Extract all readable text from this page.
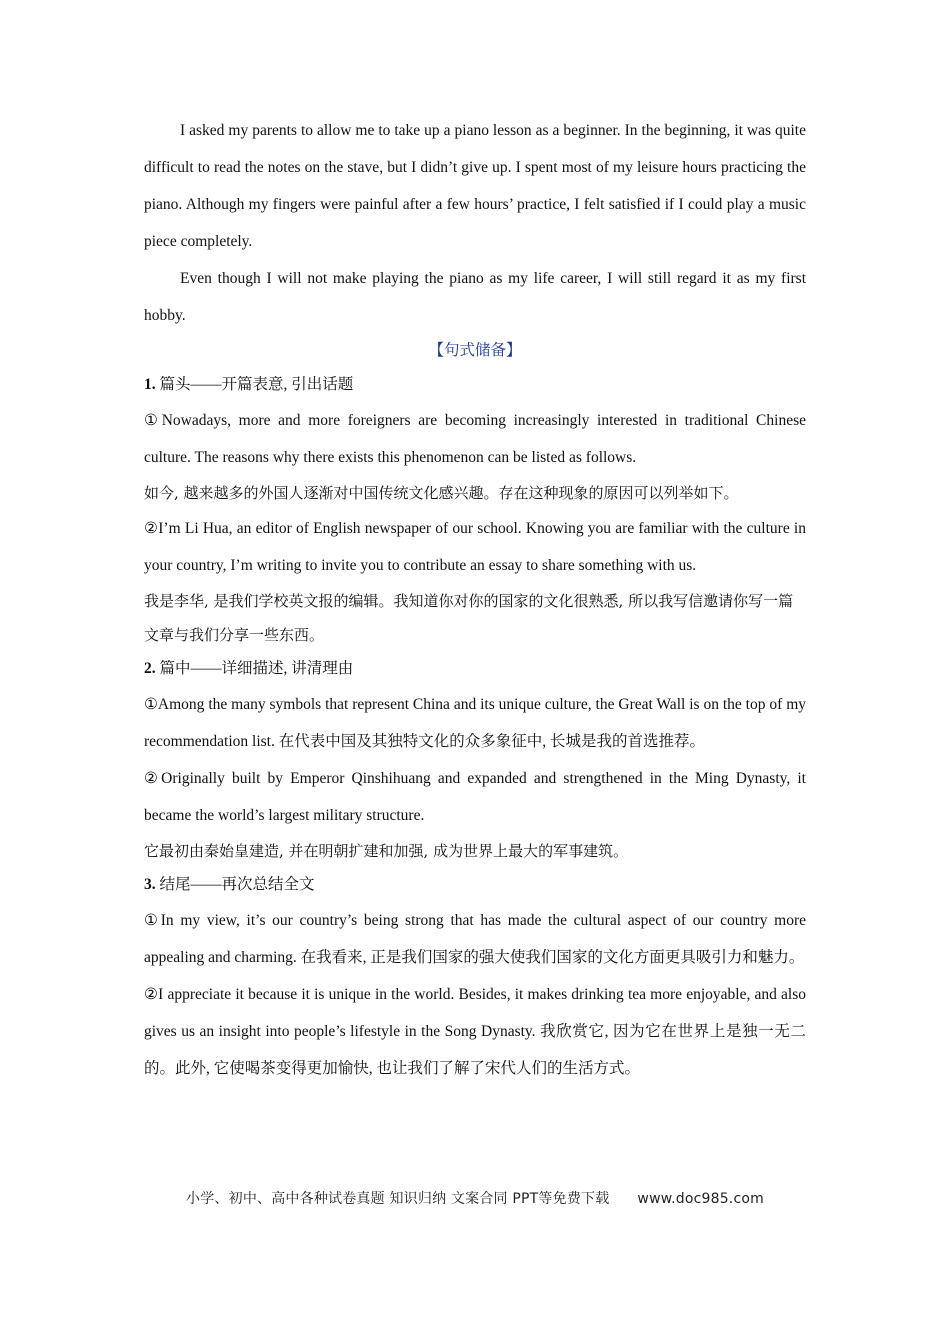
I asked my parents to allow me to take up a piano lesson as a beginner. In the beginning, it was quite difficult to read the notes on the stave, but I didn’t give up. I spent most of my leisure hours practicing the piano. Although my fingers were painful after a few hours’ practice, I felt satisfied if I could play a music piece completely.

Even though I will not make playing the piano as my life career, I will still regard it as my first hobby.

【句式储备】

1. 篇头——开篇表意, 引出话题

①Nowadays, more and more foreigners are becoming increasingly interested in traditional Chinese culture. The reasons why there exists this phenomenon can be listed as follows.

如今, 越来越多的外国人逐渐对中国传统文化感兴趣。存在这种现象的原因可以列举如下。

②I’m Li Hua, an editor of English newspaper of our school. Knowing you are familiar with the culture in your country, I’m writing to invite you to contribute an essay to share something with us.

我是李华, 是我们学校英文报的编辑。我知道你对你的国家的文化很熟悉, 所以我写信邀请你写一篇文章与我们分享一些东西。

2. 篇中——详细描述, 讲清理由

①Among the many symbols that represent China and its unique culture, the Great Wall is on the top of my recommendation list. 在代表中国及其独特文化的众多象征中, 长城是我的首选推荐。

②Originally built by Emperor Qinshihuang and expanded and strengthened in the Ming Dynasty, it became the world’s largest military structure.

它最初由秦始皇建造, 并在明朝扩建和加强, 成为世界上最大的军事建筑。

3. 结尾——再次总结全文

①In my view, it’s our country’s being strong that has made the cultural aspect of our country more appealing and charming. 在我看来, 正是我们国家的强大使我们国家的文化方面更具吸引力和魅力。

②I appreciate it because it is unique in the world. Besides, it makes drinking tea more enjoyable, and also gives us an insight into people’s lifestyle in the Song Dynasty. 我欣赏它, 因为它在世界上是独一无二的。此外, 它使喝茶变得更加愉快, 也让我们了解了宋代人们的生活方式。

小学、初中、高中各种试卷真题 知识归纳 文案合同 PPT等免费下载 www.doc985.com
